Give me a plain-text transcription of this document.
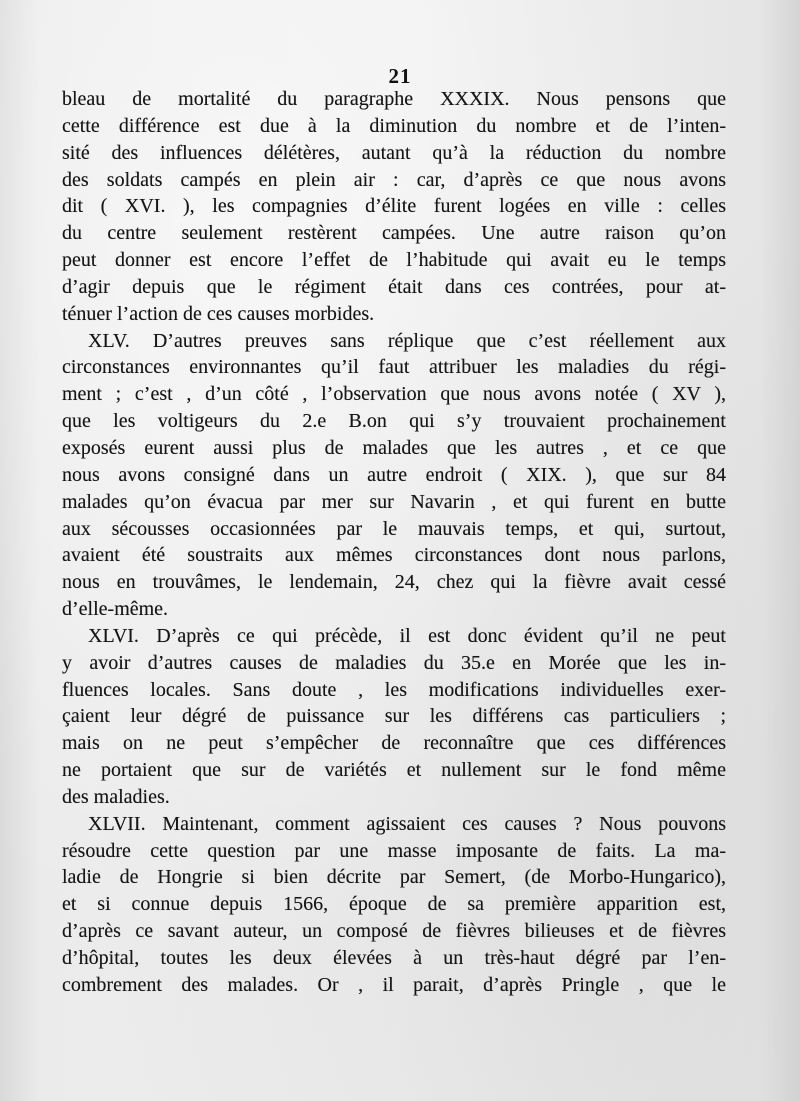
21
bleau de mortalité du paragraphe XXXIX. Nous pensons que
cette différence est due à la diminution du nombre et de l’inten-
sité des influences délétères, autant qu’à la réduction du nombre
des soldats campés en plein air : car, d’après ce que nous avons
dit ( XVI. ), les compagnies d’élite furent logées en ville : celles
du centre seulement restèrent campées. Une autre raison qu’on
peut donner est encore l’effet de l’habitude qui avait eu le temps
d’agir depuis que le régiment était dans ces contrées, pour at-
ténuer l’action de ces causes morbides.
XLV. D’autres preuves sans réplique que c’est réellement aux
circonstances environnantes qu’il faut attribuer les maladies du régi-
ment ; c’est , d’un côté , l’observation que nous avons notée ( XV ),
que les voltigeurs du 2.e B.on qui s’y trouvaient prochainement
exposés eurent aussi plus de malades que les autres , et ce que
nous avons consigné dans un autre endroit ( XIX. ), que sur 84
malades qu’on évacua par mer sur Navarin , et qui furent en butte
aux sécousses occasionnées par le mauvais temps, et qui, surtout,
avaient été soustraits aux mêmes circonstances dont nous parlons,
nous en trouvâmes, le lendemain, 24, chez qui la fièvre avait cessé
d’elle-même.
XLVI. D’après ce qui précède, il est donc évident qu’il ne peut
y avoir d’autres causes de maladies du 35.e en Morée que les in-
fluences locales. Sans doute , les modifications individuelles exer-
çaient leur dégré de puissance sur les différens cas particuliers ;
mais on ne peut s’empêcher de reconnaître que ces différences
ne portaient que sur de variétés et nullement sur le fond même
des maladies.
XLVII. Maintenant, comment agissaient ces causes ? Nous pouvons
résoudre cette question par une masse imposante de faits. La ma-
ladie de Hongrie si bien décrite par Semert, (de Morbo-Hungarico),
et si connue depuis 1566, époque de sa première apparition est,
d’après ce savant auteur, un composé de fièvres bilieuses et de fièvres
d’hôpital, toutes les deux élevées à un très-haut dégré par l’en-
combrement des malades. Or , il parait, d’après Pringle , que le
